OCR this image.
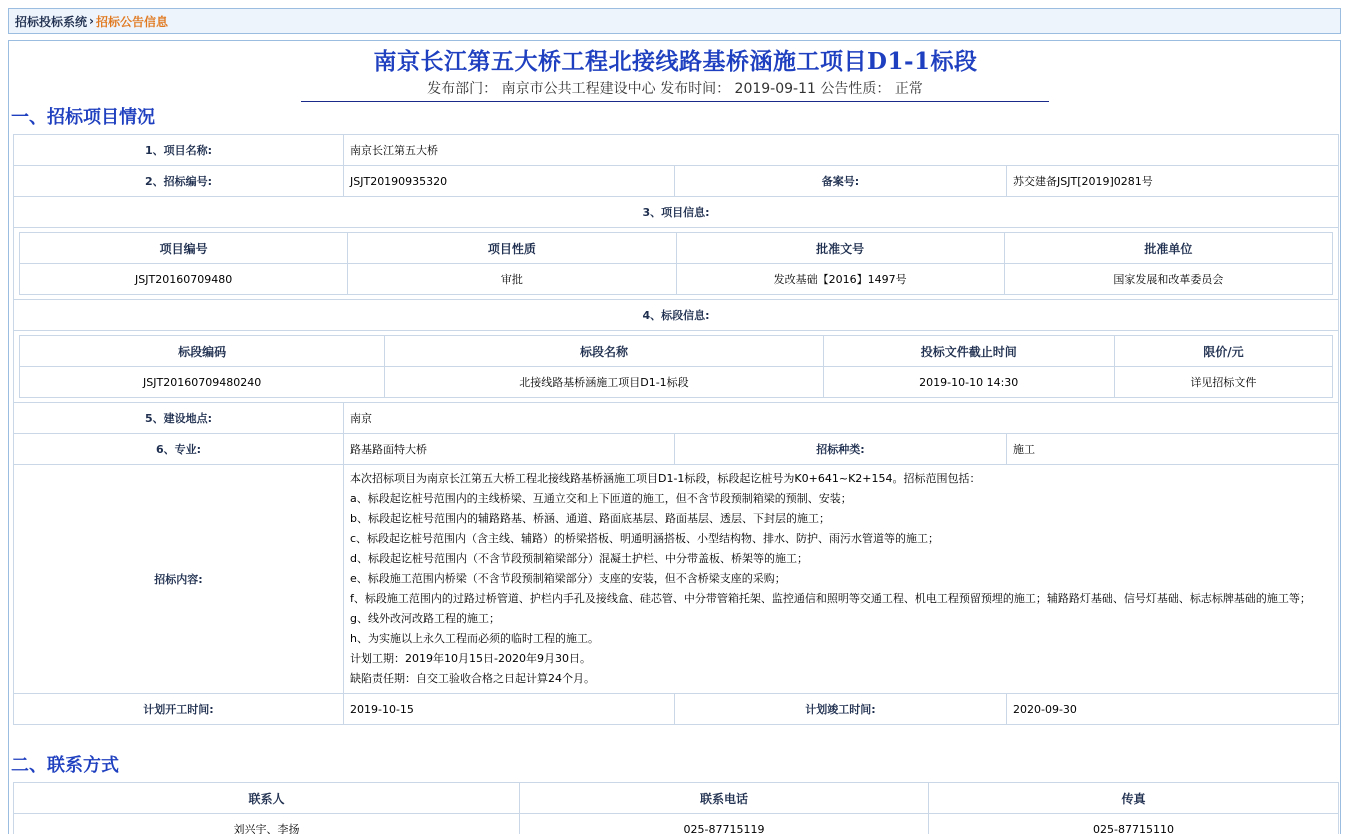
招标投标系统 › 招标公告信息
南京长江第五大桥工程北接线路基桥涵施工项目D1-1标段
发布部门： 南京市公共工程建设中心 发布时间： 2019-09-11 公告性质： 正常
一、招标项目情况
1、项目名称:	南京长江第五大桥
2、招标编号:	JSJT20190935320	备案号:	苏交建备JSJT[2019]0281号
3、项目信息:

项目编号	项目性质	批准文号	批准单位
JSJT20160709480	审批	发改基础【2016】1497号	国家发展和改革委员会

4、标段信息:

标段编码	标段名称	投标文件截止时间	限价/元
JSJT20160709480240	北接线路基桥涵施工项目D1-1标段	2019-10-10 14:30	详见招标文件

5、建设地点:	南京
6、专业:	路基路面特大桥	招标种类:	施工
招标内容:	
本次招标项目为南京长江第五大桥工程北接线路基桥涵施工项目D1-1标段，标段起讫桩号为K0+641~K2+154。招标范围包括：
a、标段起讫桩号范围内的主线桥梁、互通立交和上下匝道的施工，但不含节段预制箱梁的预制、安装；
b、标段起讫桩号范围内的辅路路基、桥涵、通道、路面底基层、路面基层、透层、下封层的施工；
c、标段起讫桩号范围内（含主线、辅路）的桥梁搭板、明通明涵搭板、小型结构物、排水、防护、雨污水管道等的施工；
d、标段起讫桩号范围内（不含节段预制箱梁部分）混凝土护栏、中分带盖板、桥架等的施工；
e、标段施工范围内桥梁（不含节段预制箱梁部分）支座的安装，但不含桥梁支座的采购；
f、标段施工范围内的过路过桥管道、护栏内手孔及接线盒、硅芯管、中分带管箱托架、监控通信和照明等交通工程、机电工程预留预埋的施工；辅路路灯基础、信号灯基础、标志标牌基础的施工等；
g、线外改河改路工程的施工；
h、为实施以上永久工程而必须的临时工程的施工。
计划工期：2019年10月15日-2020年9月30日。
缺陷责任期：自交工验收合格之日起计算24个月。

计划开工时间:	2019-10-15	计划竣工时间:	2020-09-30
二、联系方式
联系人	联系电话	传真
刘兴宇、李扬	025-87715119	025-87715110
